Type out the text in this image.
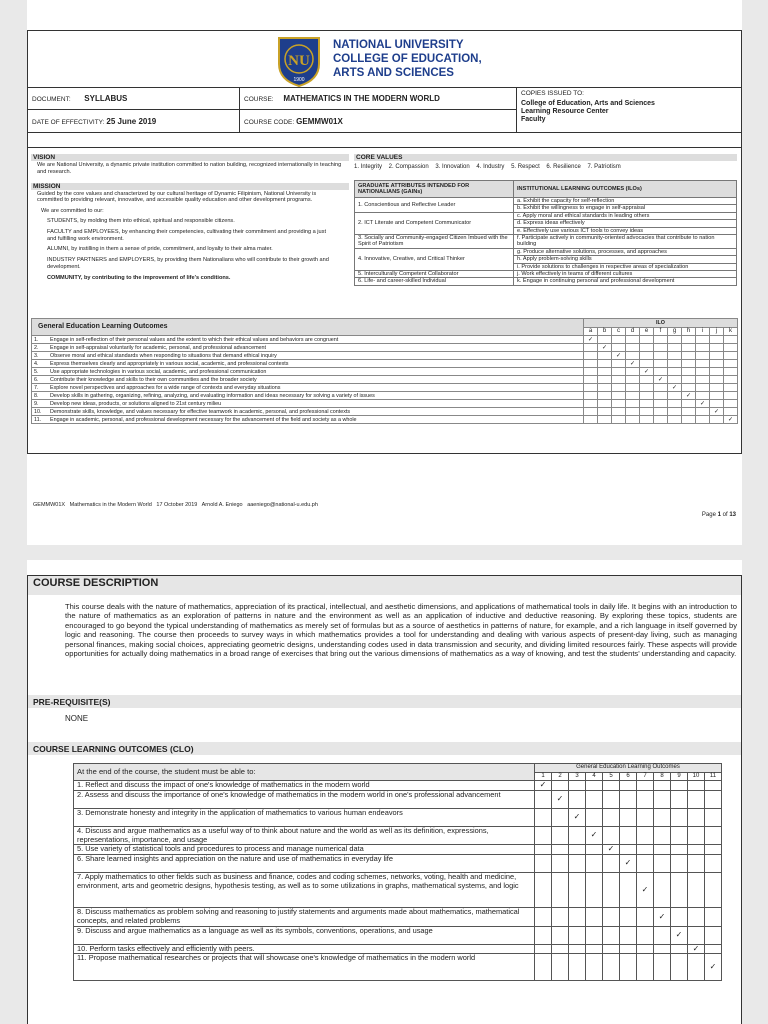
NU
1900
NATIONAL UNIVERSITY
COLLEGE OF EDUCATION,
ARTS AND SCIENCES
DOCUMENT: SYLLABUS	COURSE: MATHEMATICS IN THE MODERN WORLD	COPIES ISSUED TO:
College of Education, Arts and Sciences
Learning Resource Center
Faculty

DATE OF EFFECTIVITY: 25 June 2019	COURSE CODE: GEMMW01X	
VISION
We are National University, a dynamic private institution committed to nation building, recognized internationally in teaching and research.
MISSION
Guided by the core values and characterized by our cultural heritage of Dynamic Filipinism, National University is committed to providing relevant, innovative, and accessible quality education and other development programs.
We are committed to our:
STUDENTS, by molding them into ethical, spiritual and responsible citizens.
FACULTY and EMPLOYEES, by enhancing their competencies, cultivating their commitment and providing a just and fulfilling work environment.
ALUMNI, by instilling in them a sense of pride, commitment, and loyalty to their alma mater.
INDUSTRY PARTNERS and EMPLOYERS, by providing them Nationalians who will contribute to their growth and development.
COMMUNITY, by contributing to the improvement of life's conditions.
CORE VALUES
1. Integrity    2. Compassion    3. Innovation    4. Industry    5. Respect    6. Resilience    7. Patriotism
GRADUATE ATTRIBUTES INTENDED FOR NATIONALIANS (GAINs)	INSTITUTIONAL LEARNING OUTCOMES (ILOs)
1. Conscientious and Reflective Leader	a. Exhibit the capacity for self-reflection
	b. Exhibit the willingness to engage in self-appraisal
2. ICT Literate and Competent Communicator	c. Apply moral and ethical standards in leading others
	d. Express ideas effectively
	e. Effectively use various ICT tools to convey ideas
3. Socially and Community-engaged Citizen Imbued with the Spirit of Patriotism	f. Participate actively in community-oriented advocacies that contribute to nation building
4. Innovative, Creative, and Critical Thinker	g. Produce alternative solutions, processes, and approaches
	h. Apply problem-solving skills
	i. Provide solutions to challenges in respective areas of specialization
5. Interculturally Competent Collaborator	j. Work effectively in teams of different cultures
6. Life- and career-skilled Individual	k. Engage in continuing personal and professional development
General Education Learning Outcomes	ILO										
	a	b	c	d	e	f	g	h	i	j	k
1. Engage in self-reflection of their personal values and the extent to which their ethical values and behaviors are congruent	✓										
2. Engage in self-appraisal voluntarily for academic, personal, and professional advancement		✓									
3. Observe moral and ethical standards when responding to situations that demand ethical inquiry			✓								
4. Express themselves clearly and appropriately in various social, academic, and professional contexts				✓							
5. Use appropriate technologies in various social, academic, and professional communication					✓						
6. Contribute their knowledge and skills to their own communities and the broader society						✓					
7. Explore novel perspectives and approaches for a wide range of contexts and everyday situations							✓				
8. Develop skills in gathering, organizing, refining, analyzing, and evaluating information and ideas necessary for solving a variety of issues								✓			
9. Develop new ideas, products, or solutions aligned to 21st century milieu									✓		
10. Demonstrate skills, knowledge, and values necessary for effective teamwork in academic, personal, and professional contexts										✓	
11. Engage in academic, personal, and professional development necessary for the advancement of the field and society as a whole											✓
GEMMW01X   Mathematics in the Modern World   17 October 2019   Arnold A. Eniego   aaeniego@national-u.edu.ph
Page 1 of 13
COURSE DESCRIPTION
This course deals with the nature of mathematics, appreciation of its practical, intellectual, and aesthetic dimensions, and applications of mathematical tools in daily life. It begins with an introduction to the nature of mathematics as an exploration of patterns in nature and the environment as well as an application of inductive and deductive reasoning. By exploring these topics, students are encouraged to go beyond the typical understanding of mathematics as merely set of formulas but as a source of aesthetics in patterns of nature, for example, and a rich language in itself governed by logic and reasoning. The course then proceeds to survey ways in which mathematics provides a tool for understanding and dealing with various aspects of present-day living, such as managing personal finances, making social choices, appreciating geometric designs, understanding codes used in data transmission and security, and dividing limited resources fairly. These aspects will provide opportunities for actually doing mathematics in a broad range of exercises that bring out the various dimensions of mathematics as a way of knowing, and test the students' understanding and capacity.
PRE-REQUISITE(S)
NONE
COURSE LEARNING OUTCOMES (CLO)
At the end of the course, the student must be able to:	General Education Learning Outcomes										
	1	2	3	4	5	6	7	8	9	10	11
1. Reflect and discuss the impact of one's knowledge of mathematics in the modern world	✓										
2. Assess and discuss the importance of one's knowledge of mathematics in the modern world in one's professional advancement		✓									
3. Demonstrate honesty and integrity in the application of mathematics to various human endeavors			✓								
4. Discuss and argue mathematics as a useful way of to think about nature and the world as well as its definition, expressions, representations, importance, and usage				✓							
5. Use variety of statistical tools and procedures to process and manage numerical data					✓						
6. Share learned insights and appreciation on the nature and use of mathematics in everyday life						✓					
7. Apply mathematics to other fields such as business and finance, codes and coding schemes, networks, voting, health and medicine, environment, arts and geometric designs, hypothesis testing, as well as to some utilizations in graphs, mathematical systems, and logic							✓				
8. Discuss mathematics as problem solving and reasoning to justify statements and arguments made about mathematics, mathematical concepts, and related problems								✓			
9. Discuss and argue mathematics as a language as well as its symbols, conventions, operations, and usage									✓		
10. Perform tasks effectively and efficiently with peers.										✓	
11. Propose mathematical researches or projects that will showcase one's knowledge of mathematics in the modern world											✓
